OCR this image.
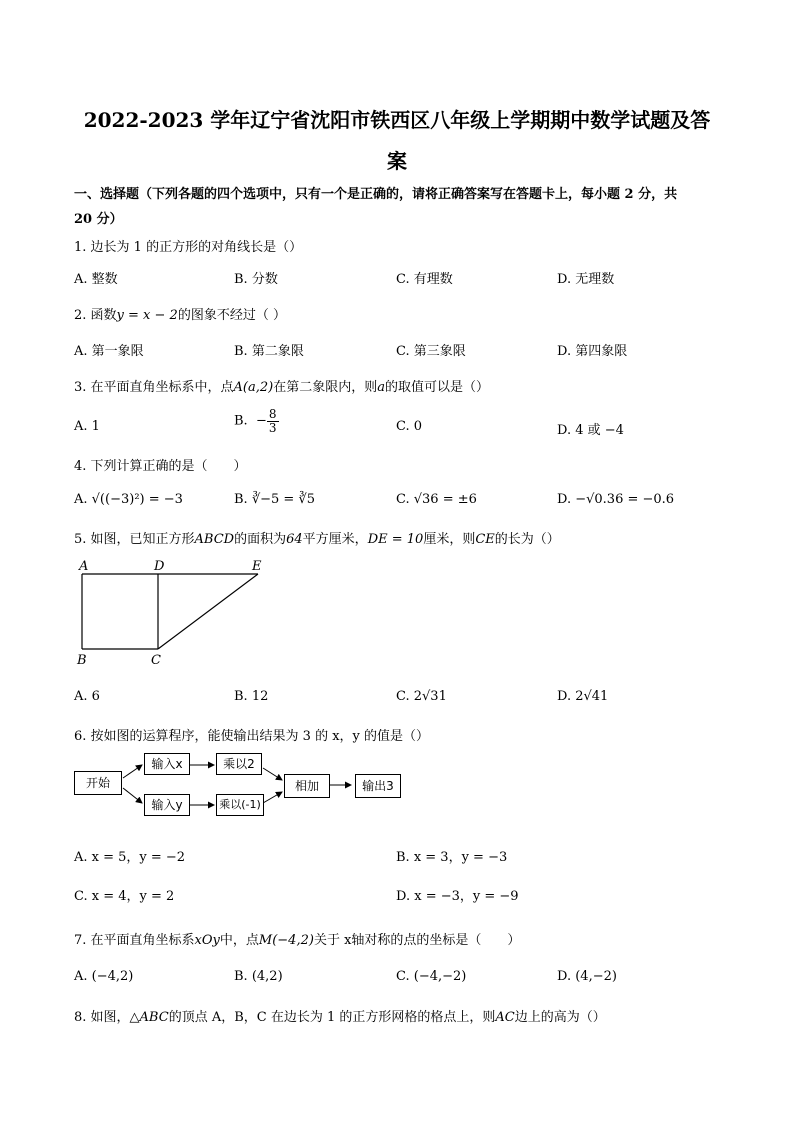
2022-2023 学年辽宁省沈阳市铁西区八年级上学期期中数学试题及答
案
一、选择题（下列各题的四个选项中，只有一个是正确的，请将正确答案写在答题卡上，每小题 2 分，共
20 分）
1. 边长为 1 的正方形的对角线长是（）
A. 整数	B. 分数	C. 有理数	D. 无理数
2. 函数y = x − 2的图象不经过（ ）
A. 第一象限	B. 第二象限	C. 第三象限	D. 第四象限
3. 在平面直角坐标系中，点A(a,2)在第二象限内，则a的取值可以是（）
A. 1	B.  − $\frac{8}{3}$	C. 0	D. 4 或 −4
4. 下列计算正确的是（　　）
A. √((−3)²) = −3	B. ∛−5 = ∛5	C. √36 = ±6	D. −√0.36 = −0.6
5. 如图，已知正方形ABCD的面积为64平方厘米，DE = 10厘米，则CE的长为（）
A	D	E
B	C
A. 6	B. 12	C. 2√31	D. 2√41
6. 按如图的运算程序，能使输出结果为 3 的 x，y 的值是（）
开始
输入x	乘以2
输入y	乘以(-1)
相加	输出3
A. x = 5，y = −2	B. x = 3，y = −3
C. x = 4，y = 2	D. x = −3，y = −9
7. 在平面直角坐标系xOy中，点M(−4,2)关于 x轴对称的点的坐标是（　　）
A. (−4,2)	B. (4,2)	C. (−4,−2)	D. (4,−2)
8. 如图，△ABC的顶点 A，B，C 在边长为 1 的正方形网格的格点上，则AC边上的高为（）
